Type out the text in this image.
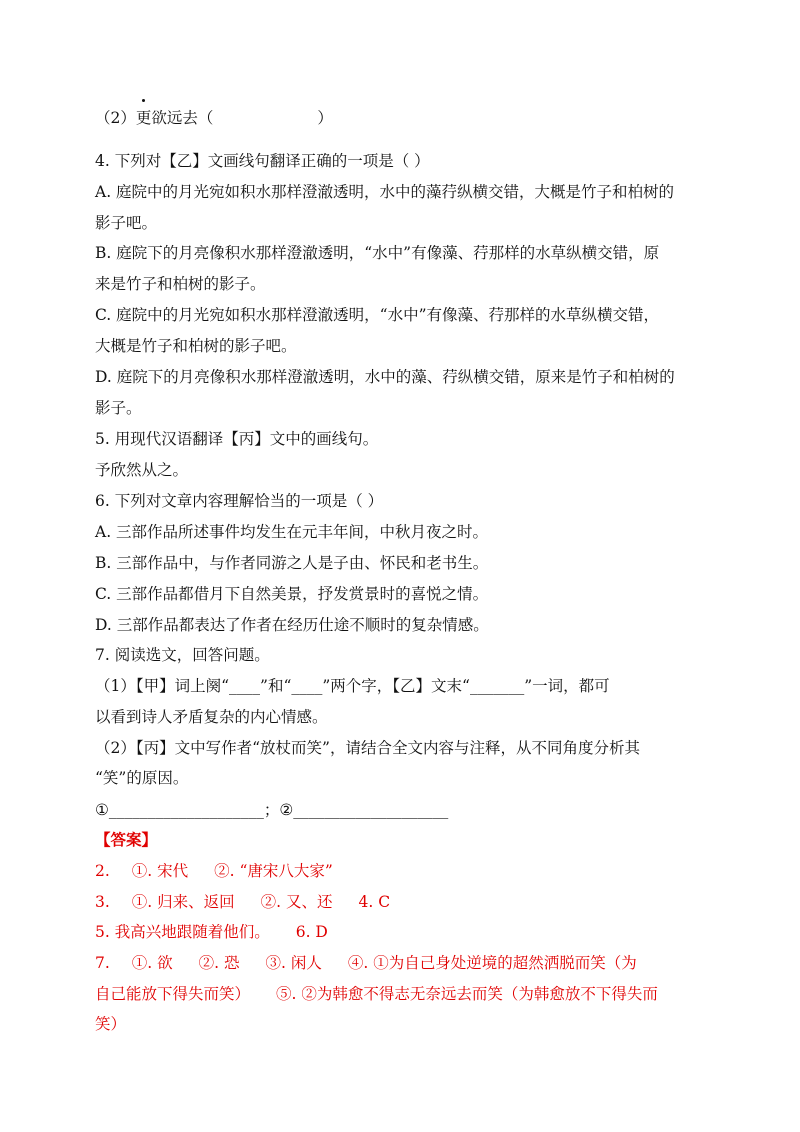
（2）更欲远去（	）
4. 下列对【乙】文画线句翻译正确的一项是（ ）
A. 庭院中的月光宛如积水那样澄澈透明，水中的藻荇纵横交错，大概是竹子和柏树的
影子吧。
B. 庭院下的月亮像积水那样澄澈透明，“水中”有像藻、荇那样的水草纵横交错，原
来是竹子和柏树的影子。
C. 庭院中的月光宛如积水那样澄澈透明，“水中”有像藻、荇那样的水草纵横交错，
大概是竹子和柏树的影子吧。
D. 庭院下的月亮像积水那样澄澈透明，水中的藻、荇纵横交错，原来是竹子和柏树的
影子。
5. 用现代汉语翻译【丙】文中的画线句。
予欣然从之。
6. 下列对文章内容理解恰当的一项是（ ）
A. 三部作品所述事件均发生在元丰年间，中秋月夜之时。
B. 三部作品中，与作者同游之人是子由、怀民和老书生。
C. 三部作品都借月下自然美景，抒发赏景时的喜悦之情。
D. 三部作品都表达了作者在经历仕途不顺时的复杂情感。
7. 阅读选文，回答问题。
（1）【甲】词上阕“____”和“____”两个字，【乙】文末“_______”一词，都可
以看到诗人矛盾复杂的内心情感。
（2）【丙】文中写作者“放杖而笑”，请结合全文内容与注释，从不同角度分析其
“笑”的原因。
①____________________；②____________________
【答案】
2. ①. 宋代 ②. “唐宋八大家”
3. ①. 归来、返回 ②. 又、还 4. C
5. 我高兴地跟随着他们。 6. D
7. ①. 欲 ②. 恐 ③. 闲人 ④. ①为自己身处逆境的超然洒脱而笑（为
自己能放下得失而笑） ⑤. ②为韩愈不得志无奈远去而笑（为韩愈放不下得失而
笑）
